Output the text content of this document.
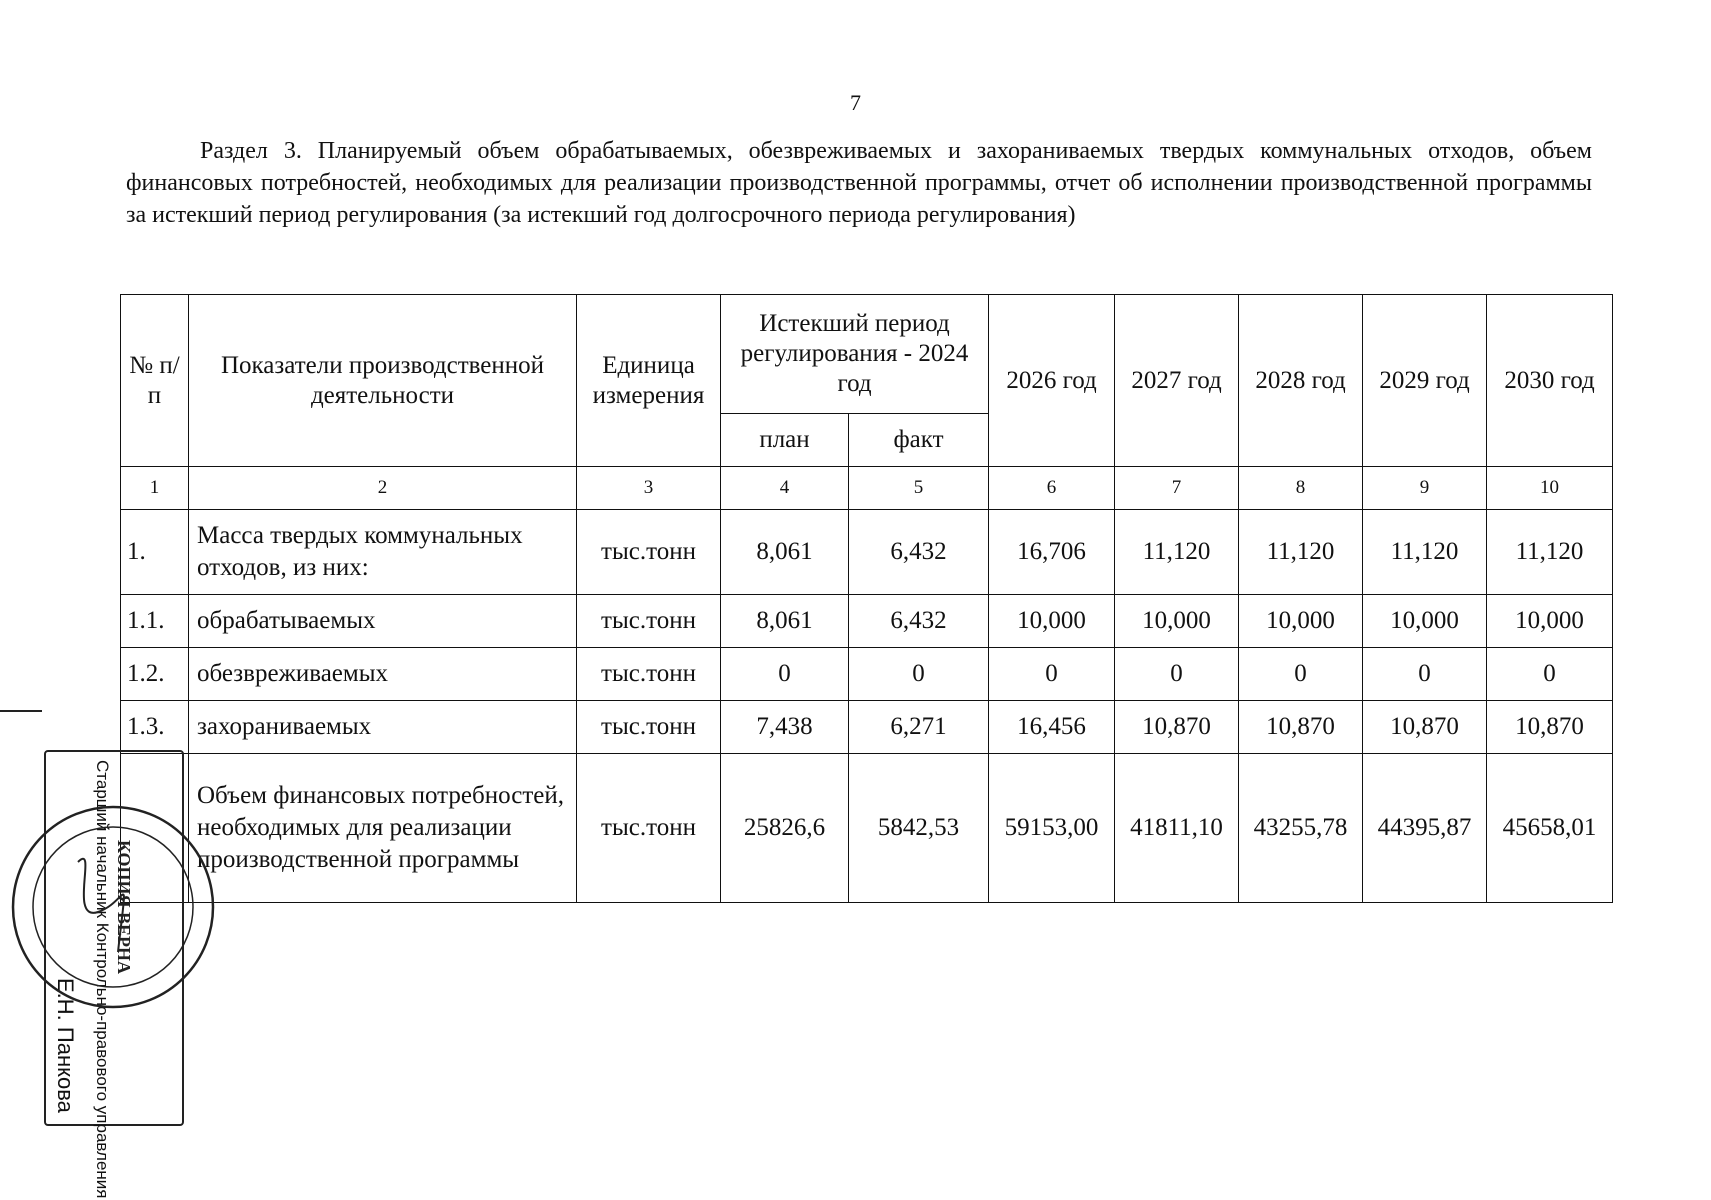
7
Раздел 3. Планируемый объем обрабатываемых, обезвреживаемых и захораниваемых твердых коммунальных отходов, объем финансовых потребностей, необходимых для реализации производственной программы, отчет об исполнении производственной программы за истекший период регулирования (за истекший год долгосрочного периода регулирования)
№ п/п	Показатели производственной деятельности	Единица измерения	Истекший период регулирования - 2024 год		2026 год	2027 год	2028 год	2029 год	2030 год
			план	факт					
1	2	3	4	5	6	7	8	9	10
1.	Масса твердых коммунальных отходов, из них:	тыс.тонн	8,061	6,432	16,706	11,120	11,120	11,120	11,120
1.1.	обрабатываемых	тыс.тонн	8,061	6,432	10,000	10,000	10,000	10,000	10,000
1.2.	обезвреживаемых	тыс.тонн	0	0	0	0	0	0	0
1.3.	захораниваемых	тыс.тонн	7,438	6,271	16,456	10,870	10,870	10,870	10,870
	Объем финансовых потребностей, необходимых для реализации производственной программы	тыс.тонн	25826,6	5842,53	59153,00	41811,10	43255,78	44395,87	45658,01
Старший начальник Контрольно-правового управления
Е.Н. Панкова
КОПИЯ ВЕРНА
